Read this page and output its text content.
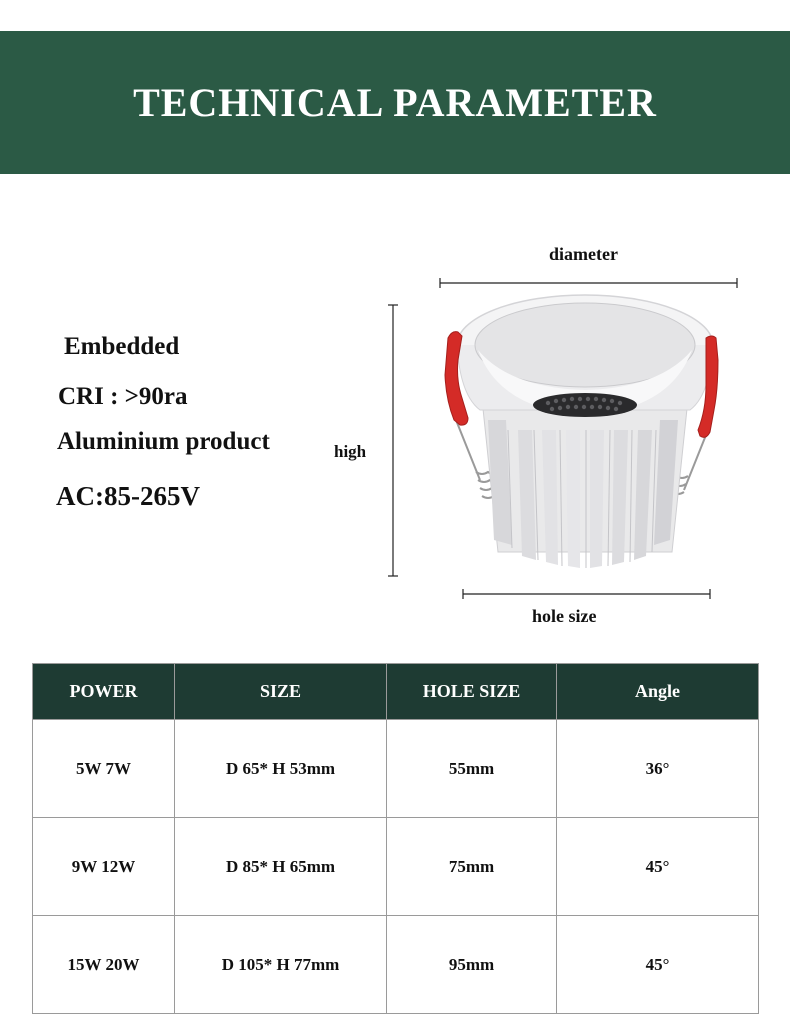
TECHNICAL PARAMETER
Embedded
CRI : >90ra
Aluminium product
AC:85-265V
diameter
high
hole size
POWER	SIZE	HOLE SIZE	Angle
5W 7W	D 65* H 53mm	55mm	36°
9W 12W	D 85* H 65mm	75mm	45°
15W 20W	D 105* H 77mm	95mm	45°
